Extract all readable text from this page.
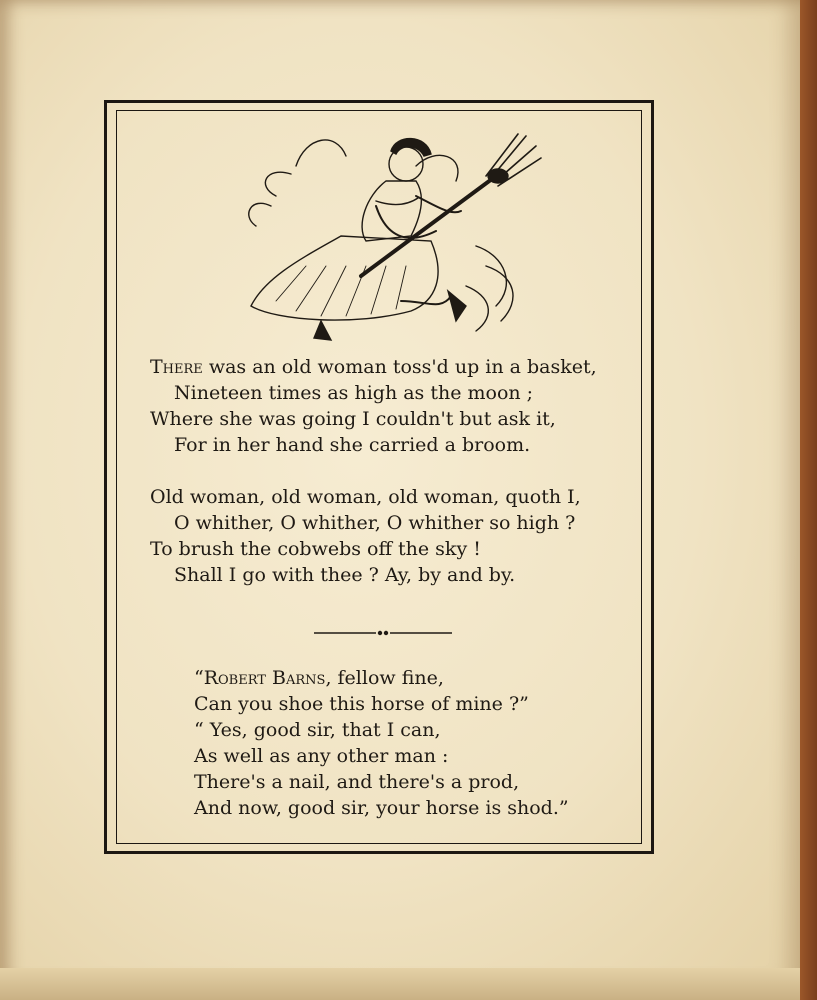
There was an old woman toss'd up in a basket,
Nineteen times as high as the moon ;
Where she was going I couldn't but ask it,
For in her hand she carried a broom.
Old woman, old woman, old woman, quoth I,
O whither, O whither, O whither so high ?
To brush the cobwebs off the sky !
Shall I go with thee ? Ay, by and by.
“Robert Barns, fellow fine,
Can you shoe this horse of mine ?”
“ Yes, good sir, that I can,
As well as any other man :
There's a nail, and there's a prod,
And now, good sir, your horse is shod.”
